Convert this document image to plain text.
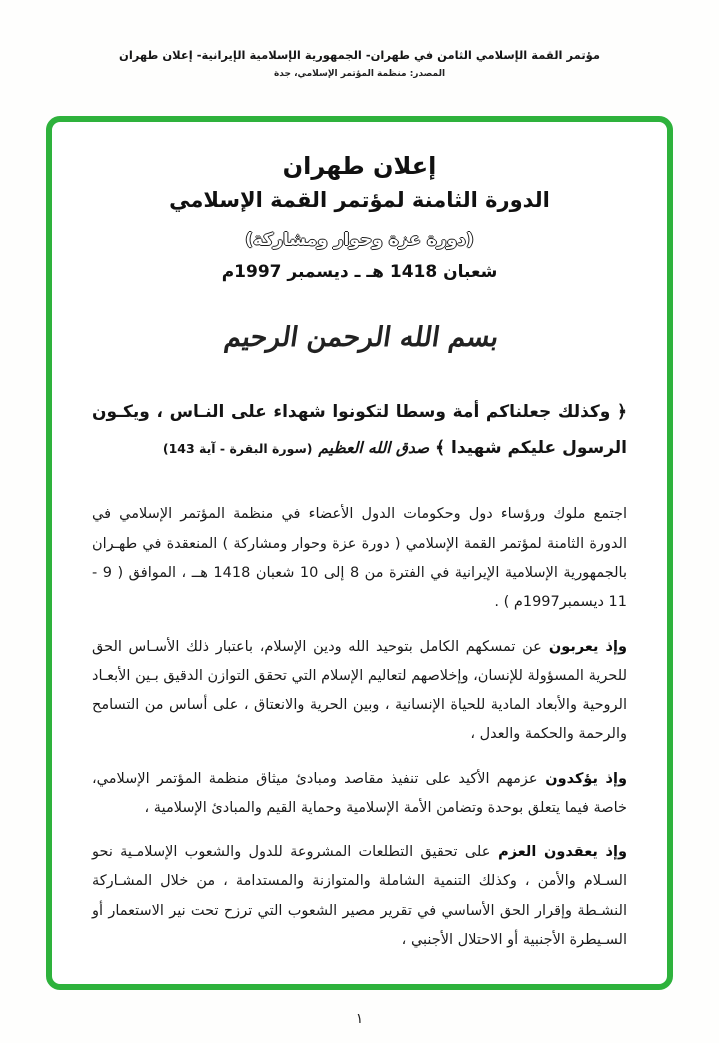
مؤتمر القمة الإسلامي الثامن في طهران- الجمهورية الإسلامية الإيرانية- إعلان طهران
المصدر: منظمة المؤتمر الإسلامي، جدة
إعلان طهران
الدورة الثامنة لمؤتمر القمة الإسلامي
(دورة عزة وحوار ومشاركة)
شعبان 1418 هـ ـ ديسمبر 1997م
بسم الله الرحمن الرحيم
﴿ وكذلك جعلناكم أمة وسطا لتكونوا شهداء على النـاس ، ويكـون الرسول عليكم شهيدا ﴾ صدق الله العظيم (سورة البقرة - آية 143)

اجتمع ملوك ورؤساء دول وحكومات الدول الأعضاء في منظمة المؤتمر الإسلامي في الدورة الثامنة لمؤتمر القمة الإسلامي ( دورة عزة وحوار ومشاركة ) المنعقدة في طهـران بالجمهورية الإسلامية الإيرانية في الفترة من 8 إلى 10 شعبان 1418 هــ ، الموافق ( 9 - 11 ديسمبر1997م ) .

وإذ يعربونعن تمسكهم الكامل بتوحيد الله ودين الإسلام، باعتبار ذلك الأسـاس الحق للحرية المسؤولة للإنسان، وإخلاصهم لتعاليم الإسلام التي تحقق التوازن الدقيق بـين الأبعـاد الروحية والأبعاد المادية للحياة الإنسانية ، وبين الحرية والانعتاق ، على أساس من التسامح والرحمة والحكمة والعدل ،

وإذ يؤكدونعزمهم الأكيد على تنفيذ مقاصد ومبادئ ميثاق منظمة المؤتمر الإسلامي، خاصة فيما يتعلق بوحدة وتضامن الأمة الإسلامية وحماية القيم والمبادئ الإسلامية ،

وإذ يعقدون العزمعلى تحقيق التطلعات المشروعة للدول والشعوب الإسلامـية نحو السـلام والأمن ، وكذلك التنمية الشاملة والمتوازنة والمستدامة ، من خلال المشـاركة النشـطة وإقرار الحق الأساسي في تقرير مصير الشعوب التي ترزح تحت نير الاستعمار أو السـيطرة الأجنبية أو الاحتلال الأجنبي ،

١
